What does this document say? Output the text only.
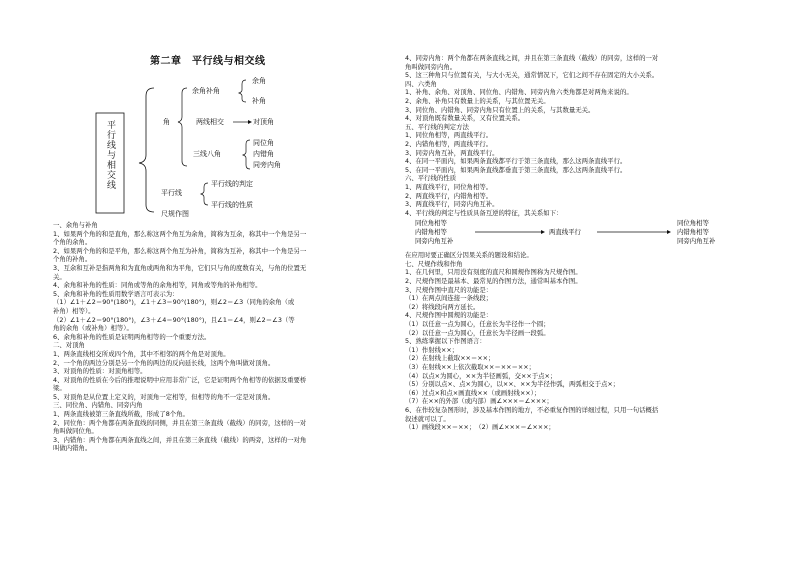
第二章　平行线与相交线
平行线与相交线	角
余角补角
余角
补角
两线相交	对顶角
三线八角
同位角
内错角
同旁内角
平行线
平行线的判定
平行线的性质
尺规作图
一、余角与补角
1、如果两个角的和是直角，那么称这两个角互为余角，简称为互余，称其中一个角是另一
个角的余角。
2、如果两个角的和是平角，那么称这两个角互为补角，简称为互补，称其中一个角是另一
个角的补角。
3、互余和互补是指两角和为直角或两角和为平角，它们只与角的度数有关，与角的位置无
关。
4、余角和补角的性质：同角或等角的余角相等，同角或等角的补角相等。
5、余角和补角的性质用数学语言可表示为：
（1）∠1＋∠2＝90°(180°)，∠1＋∠3＝90°(180°)，则∠2＝∠3（同角的余角（或
补角）相等）。
（2）∠1＋∠2＝90°(180°)，∠3＋∠4＝90°(180°)，且∠1＝∠4，则∠2＝∠3（等
角的余角（或补角）相等）。
6、余角和补角的性质是证明两角相等的一个重要方法。
二、对顶角
1、两条直线相交所成四个角，其中不相邻的两个角是对顶角。
2、一个角的两边分别是另一个角的两边的反向延长线，这两个角叫做对顶角。
3、对顶角的性质：对顶角相等。
4、对顶角的性质在今后的推理说明中应用非常广泛，它是证明两个角相等的依据及重要桥
梁。
5、对顶角是从位置上定义的，对顶角一定相等，但相等的角不一定是对顶角。
三、同位角、内错角、同旁内角
1、两条直线被第三条直线所截，形成了8个角。
2、同位角：两个角都在两条直线的同侧，并且在第三条直线（截线）的同旁，这样的一对
角叫做同位角。
3、内错角：两个角都在两条直线之间，并且在第三条直线（截线）的两旁，这样的一对角
叫做内错角。
4、同旁内角：两个角都在两条直线之间，并且在第三条直线（截线）的同旁，这样的一对
角叫做同旁内角。
5、这三种角只与位置有关，与大小无关，通常情况下，它们之间不存在固定的大小关系。
四、六类角
1、补角、余角、对顶角、同位角、内错角、同旁内角六类角都是对两角来说的。
2、余角、补角只有数量上的关系，与其位置无关。
3、同位角、内错角、同旁内角只有位置上的关系，与其数量无关。
4、对顶角既有数量关系，又有位置关系。
五、平行线的判定方法
1、同位角相等，两直线平行。
2、内错角相等，两直线平行。
3、同旁内角互补，两直线平行。
4、在同一平面内，如果两条直线都平行于第三条直线，那么这两条直线平行。
5、在同一平面内，如果两条直线都垂直于第三条直线，那么这两条直线平行。
六、平行线的性质
1、两直线平行，同位角相等。
2、两直线平行，内错角相等。
3、两直线平行，同旁内角互补。
4、平行线的判定与性质具备互逆的特征，其关系如下：
同位角相等
内错角相等
同旁内角互补
两直线平行
同位角相等
内错角相等
同旁内角互补
在应用时要正确区分因果关系的题设和结论。
七、尺规作线和作角
1、在几何里，只用没有刻度的直尺和圆规作图称为尺规作图。
2、尺规作图是最基本、最常见的作图方法，通常叫基本作图。
3、尺规作图中直尺的功能是：
（1）在两点间连接一条线段；
（2）将线段向两方延长。
4、尺规作图中圆规的功能是：
（1）以任意一点为圆心，任意长为半径作一个圆；
（2）以任意一点为圆心，任意长为半径画一段弧。
5、熟练掌握以下作图语言：
（1）作射线××；
（2）在射线上截取××＝××；
（3）在射线××上依次截取××＝××＝××；
（4）以点×为圆心，××为半径画弧，交××于点×；
（5）分别以点×、点×为圆心，以××、××为半径作弧，两弧相交于点×；
（6）过点×和点×画直线××（或画射线××）；
（7）在××的外部（或内部）画∠×××＝∠×××；
6、在作较复杂图形时，涉及基本作图的地方，不必重复作图的详细过程，只用一句话概括
叙述就可以了。
（1）画线段××＝××；　（2）画∠×××＝∠×××；
